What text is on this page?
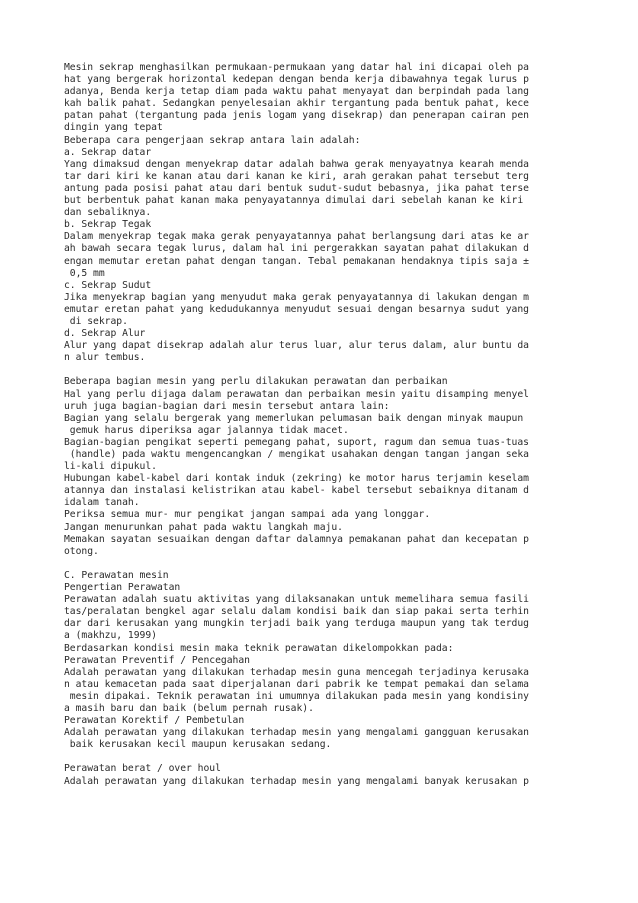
Mesin sekrap menghasilkan permukaan-permukaan yang datar hal ini dicapai oleh pa
hat yang bergerak horizontal kedepan dengan benda kerja dibawahnya tegak lurus p
adanya, Benda kerja tetap diam pada waktu pahat menyayat dan berpindah pada lang
kah balik pahat. Sedangkan penyelesaian akhir tergantung pada bentuk pahat, kece
patan pahat (tergantung pada jenis logam yang disekrap) dan penerapan cairan pen
dingin yang tepat
Beberapa cara pengerjaan sekrap antara lain adalah:
a. Sekrap datar
Yang dimaksud dengan menyekrap datar adalah bahwa gerak menyayatnya kearah menda
tar dari kiri ke kanan atau dari kanan ke kiri, arah gerakan pahat tersebut terg
antung pada posisi pahat atau dari bentuk sudut-sudut bebasnya, jika pahat terse
but berbentuk pahat kanan maka penyayatannya dimulai dari sebelah kanan ke kiri
dan sebaliknya.
b. Sekrap Tegak
Dalam menyekrap tegak maka gerak penyayatannya pahat berlangsung dari atas ke ar
ah bawah secara tegak lurus, dalam hal ini pergerakkan sayatan pahat dilakukan d
engan memutar eretan pahat dengan tangan. Tebal pemakanan hendaknya tipis saja ±
0,5 mm
c. Sekrap Sudut
Jika menyekrap bagian yang menyudut maka gerak penyayatannya di lakukan dengan m
emutar eretan pahat yang kedudukannya menyudut sesuai dengan besarnya sudut yang
di sekrap.
d. Sekrap Alur
Alur yang dapat disekrap adalah alur terus luar, alur terus dalam, alur buntu da
n alur tembus.
Beberapa bagian mesin yang perlu dilakukan perawatan dan perbaikan
Hal yang perlu dijaga dalam perawatan dan perbaikan mesin yaitu disamping menyel
uruh juga bagian-bagian dari mesin tersebut antara lain:
Bagian yang selalu bergerak yang memerlukan pelumasan baik dengan minyak maupun
gemuk harus diperiksa agar jalannya tidak macet.
Bagian-bagian pengikat seperti pemegang pahat, suport, ragum dan semua tuas-tuas
(handle) pada waktu mengencangkan / mengikat usahakan dengan tangan jangan seka
li-kali dipukul.
Hubungan kabel-kabel dari kontak induk (zekring) ke motor harus terjamin keselam
atannya dan instalasi kelistrikan atau kabel- kabel tersebut sebaiknya ditanam d
idalam tanah.
Periksa semua mur- mur pengikat jangan sampai ada yang longgar.
Jangan menurunkan pahat pada waktu langkah maju.
Memakan sayatan sesuaikan dengan daftar dalamnya pemakanan pahat dan kecepatan p
otong.
C. Perawatan mesin
Pengertian Perawatan
Perawatan adalah suatu aktivitas yang dilaksanakan untuk memelihara semua fasili
tas/peralatan bengkel agar selalu dalam kondisi baik dan siap pakai serta terhin
dar dari kerusakan yang mungkin terjadi baik yang terduga maupun yang tak terdug
a (makhzu, 1999)
Berdasarkan kondisi mesin maka teknik perawatan dikelompokkan pada:
Perawatan Preventif / Pencegahan
Adalah perawatan yang dilakukan terhadap mesin guna mencegah terjadinya kerusaka
n atau kemacetan pada saat diperjalanan dari pabrik ke tempat pemakai dan selama
mesin dipakai. Teknik perawatan ini umumnya dilakukan pada mesin yang kondisiny
a masih baru dan baik (belum pernah rusak).
Perawatan Korektif / Pembetulan
Adalah perawatan yang dilakukan terhadap mesin yang mengalami gangguan kerusakan
baik kerusakan kecil maupun kerusakan sedang.
Perawatan berat / over houl
Adalah perawatan yang dilakukan terhadap mesin yang mengalami banyak kerusakan p
